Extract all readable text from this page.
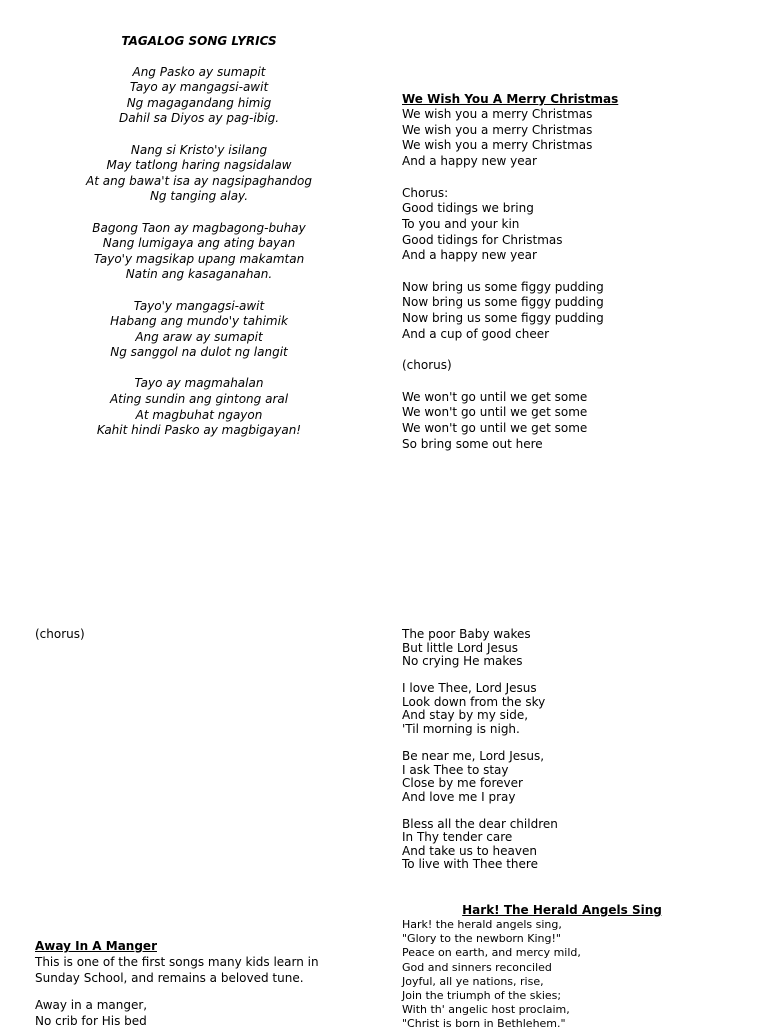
TAGALOG SONG LYRICS
Ang Pasko ay sumapit
Tayo ay mangagsi-awit
Ng magagandang himig
Dahil sa Diyos ay pag-ibig.
Nang si Kristo'y isilang
May tatlong haring nagsidalaw
At ang bawa't isa ay nagsipaghandog
Ng tanging alay.
Bagong Taon ay magbagong-buhay
Nang lumigaya ang ating bayan
Tayo'y magsikap upang makamtan
Natin ang kasaganahan.
Tayo'y mangagsi-awit
Habang ang mundo'y tahimik
Ang araw ay sumapit
Ng sanggol na dulot ng langit
Tayo ay magmahalan
Ating sundin ang gintong aral
At magbuhat ngayon
Kahit hindi Pasko ay magbigayan!
We Wish You A Merry Christmas
We wish you a merry Christmas
We wish you a merry Christmas
We wish you a merry Christmas
And a happy new year
Chorus:
Good tidings we bring
To you and your kin
Good tidings for Christmas
And a happy new year
Now bring us some figgy pudding
Now bring us some figgy pudding
Now bring us some figgy pudding
And a cup of good cheer
(chorus)
We won't go until we get some
We won't go until we get some
We won't go until we get some
So bring some out here
(chorus)	The poor Baby wakes
But little Lord Jesus
No crying He makes
I love Thee, Lord Jesus
Look down from the sky
And stay by my side,
'Til morning is nigh.
Be near me, Lord Jesus,
I ask Thee to stay
Close by me forever
And love me I pray
Bless all the dear children
In Thy tender care
And take us to heaven
To live with Thee there
Hark! The Herald Angels Sing
Hark! the herald angels sing,
"Glory to the newborn King!"
Peace on earth, and mercy mild,
God and sinners reconciled
Joyful, all ye nations, rise,
Join the triumph of the skies;
With th' angelic host proclaim,
"Christ is born in Bethlehem."
Away In A Manger
This is one of the first songs many kids learn in Sunday School, and remains a beloved tune.
Away in a manger,
No crib for His bed
